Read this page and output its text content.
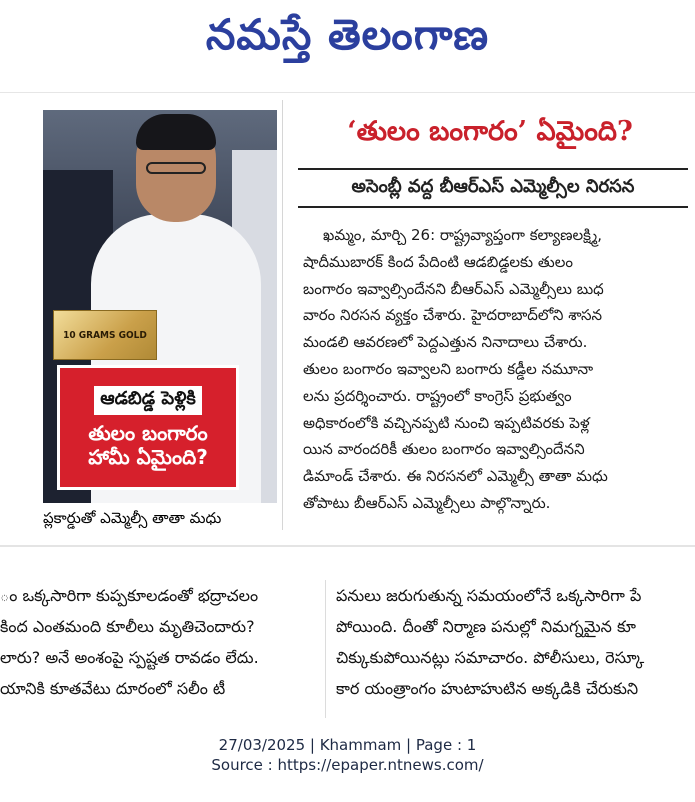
నమస్తే తెలంగాణ
10 GRAMS GOLD
ఆడబిడ్డ పెళ్లికి
తులం బంగారం
హామీ ఏమైంది?
ప్లకార్డుతో ఎమ్మెల్సీ తాతా మధు
‘తులం బంగారం’ ఏమైంది?
అసెంబ్లీ వద్ద బీఆర్‌ఎస్‌ ఎమ్మెల్సీల నిరసన
ఖమ్మం, మార్చి 26: రాష్ట్రవ్యాప్తంగా కల్యాణలక్ష్మి,
షాదీముబారక్‌ కింద పేదింటి ఆడబిడ్డలకు తులం
బంగారం ఇవ్వాల్సిందేనని బీఆర్‌ఎస్‌ ఎమ్మెల్సీలు బుధ
వారం నిరసన వ్యక్తం చేశారు. హైదరాబాద్‌లోని శాసన
మండలి ఆవరణలో పెద్దఎత్తున నినాదాలు చేశారు.
తులం బంగారం ఇవ్వాలని బంగారు కడ్డీల నమూనా
లను ప్రదర్శించారు. రాష్ట్రంలో కాంగ్రెస్‌ ప్రభుత్వం
అధికారంలోకి వచ్చినప్పటి నుంచి ఇప్పటివరకు పెళ్ల
యిన వారందరికీ తులం బంగారం ఇవ్వాల్సిందేనని
డిమాండ్‌ చేశారు. ఈ నిరసనలో ఎమ్మెల్సీ తాతా మధు
తోపాటు బీఆర్‌ఎస్‌ ఎమ్మెల్సీలు పాల్గొన్నారు.
ం ఒక్కసారిగా కుప్పకూలడంతో భద్రాచలం
కింద ఎంతమంది కూలీలు మృతిచెందారు?
లారు? అనే అంశంపై స్పష్టత రావడం లేదు.
యానికి కూతవేటు దూరంలో సలీం టీ
పనులు జరుగుతున్న సమయంలోనే ఒక్కసారిగా పే
పోయింది. దీంతో నిర్మాణ పనుల్లో నిమగ్నమైన కూ
చిక్కుకుపోయినట్లు సమాచారం. పోలీసులు, రెస్కూ
కార యంత్రాంగం హుటాహుటిన అక్కడికి చేరుకుని
27/03/2025 | Khammam | Page : 1
Source : https://epaper.ntnews.com/
